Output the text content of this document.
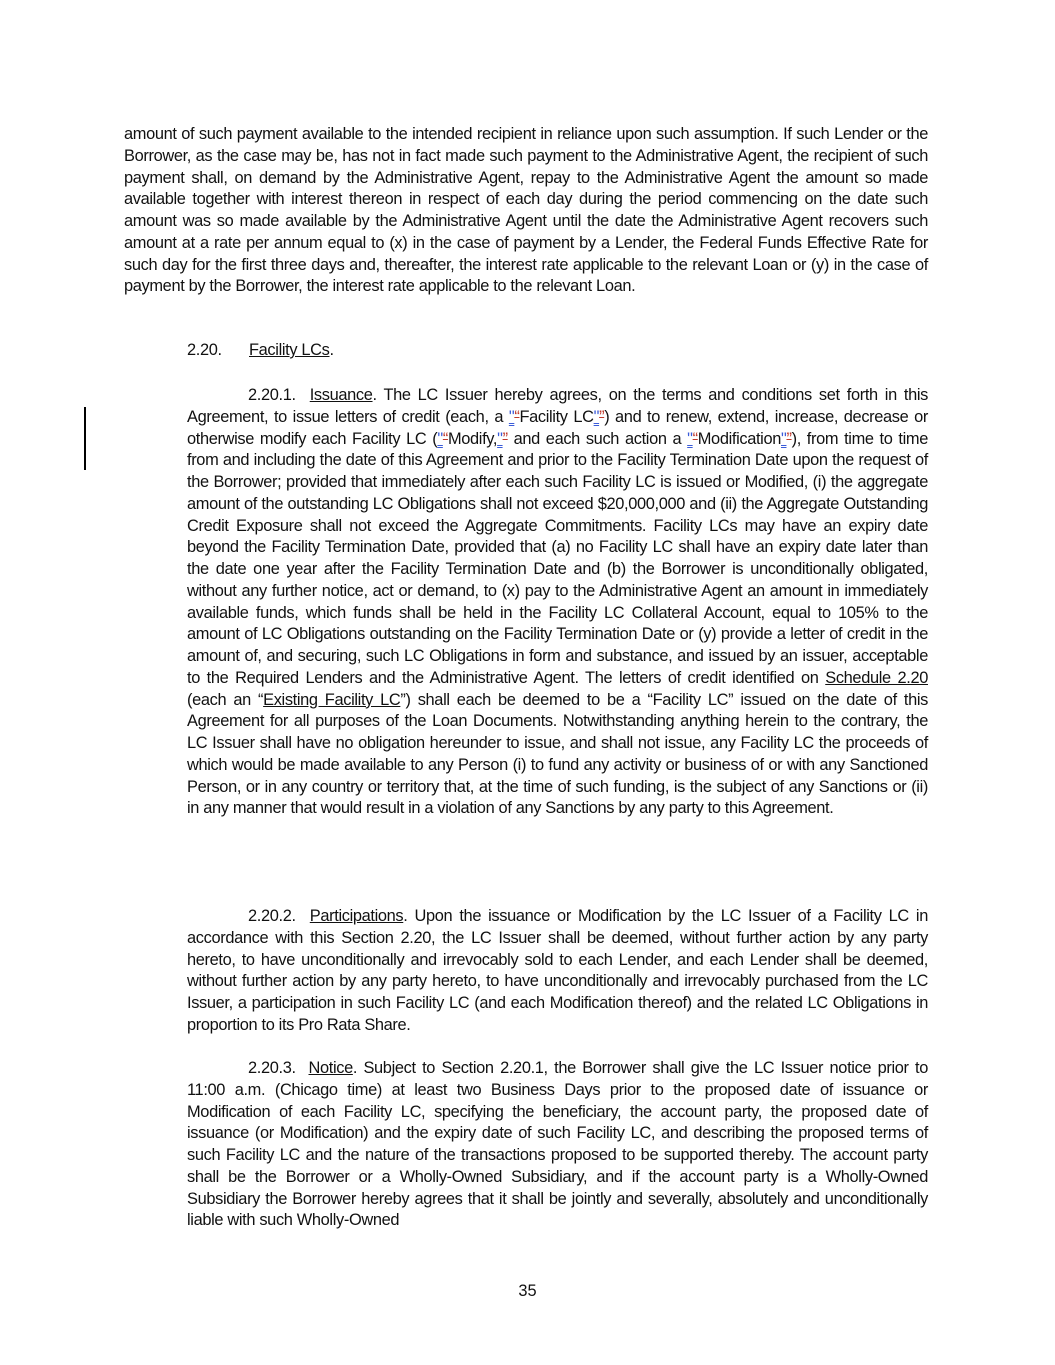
amount of such payment available to the intended recipient in reliance upon such assumption. If such Lender or the Borrower, as the case may be, has not in fact made such payment to the Administrative Agent, the recipient of such payment shall, on demand by the Administrative Agent, repay to the Administrative Agent the amount so made available together with interest thereon in respect of each day during the period commencing on the date such amount was so made available by the Administrative Agent until the date the Administrative Agent recovers such amount at a rate per annum equal to (x) in the case of payment by a Lender, the Federal Funds Effective Rate for such day for the first three days and, thereafter, the interest rate applicable to the relevant Loan or (y) in the case of payment by the Borrower, the interest rate applicable to the relevant Loan.
2.20. Facility LCs.
2.20.1. Issuance. The LC Issuer hereby agrees, on the terms and conditions set forth in this Agreement, to issue letters of credit (each, a "“Facility LC"”) and to renew, extend, increase, decrease or otherwise modify each Facility LC ("“Modify,"” and each such action a "“Modification"”), from time to time from and including the date of this Agreement and prior to the Facility Termination Date upon the request of the Borrower; provided that immediately after each such Facility LC is issued or Modified, (i) the aggregate amount of the outstanding LC Obligations shall not exceed $20,000,000 and (ii) the Aggregate Outstanding Credit Exposure shall not exceed the Aggregate Commitments. Facility LCs may have an expiry date beyond the Facility Termination Date, provided that (a) no Facility LC shall have an expiry date later than the date one year after the Facility Termination Date and (b) the Borrower is unconditionally obligated, without any further notice, act or demand, to (x) pay to the Administrative Agent an amount in immediately available funds, which funds shall be held in the Facility LC Collateral Account, equal to 105% to the amount of LC Obligations outstanding on the Facility Termination Date or (y) provide a letter of credit in the amount of, and securing, such LC Obligations in form and substance, and issued by an issuer, acceptable to the Required Lenders and the Administrative Agent. The letters of credit identified on Schedule 2.20 (each an “Existing Facility LC”) shall each be deemed to be a “Facility LC” issued on the date of this Agreement for all purposes of the Loan Documents. Notwithstanding anything herein to the contrary, the LC Issuer shall have no obligation hereunder to issue, and shall not issue, any Facility LC the proceeds of which would be made available to any Person (i) to fund any activity or business of or with any Sanctioned Person, or in any country or territory that, at the time of such funding, is the subject of any Sanctions or (ii) in any manner that would result in a violation of any Sanctions by any party to this Agreement.
2.20.2. Participations. Upon the issuance or Modification by the LC Issuer of a Facility LC in accordance with this Section 2.20, the LC Issuer shall be deemed, without further action by any party hereto, to have unconditionally and irrevocably sold to each Lender, and each Lender shall be deemed, without further action by any party hereto, to have unconditionally and irrevocably purchased from the LC Issuer, a participation in such Facility LC (and each Modification thereof) and the related LC Obligations in proportion to its Pro Rata Share.
2.20.3. Notice. Subject to Section 2.20.1, the Borrower shall give the LC Issuer notice prior to 11:00 a.m. (Chicago time) at least two Business Days prior to the proposed date of issuance or Modification of each Facility LC, specifying the beneficiary, the account party, the proposed date of issuance (or Modification) and the expiry date of such Facility LC, and describing the proposed terms of such Facility LC and the nature of the transactions proposed to be supported thereby. The account party shall be the Borrower or a Wholly-Owned Subsidiary, and if the account party is a Wholly-Owned Subsidiary the Borrower hereby agrees that it shall be jointly and severally, absolutely and unconditionally liable with such Wholly-Owned
35
